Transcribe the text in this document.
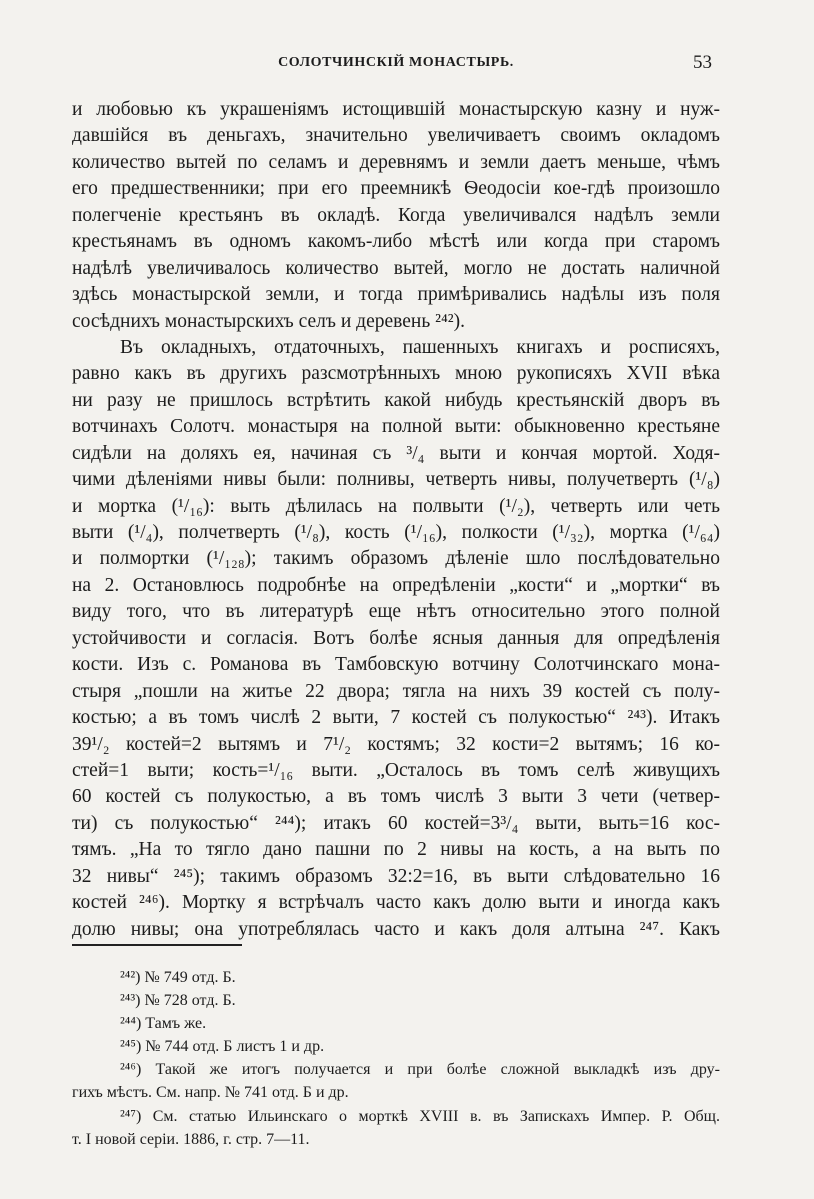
СОЛОТЧИНСКІЙ МОНАСТЫРЬ.	53
и любовью къ украшеніямъ истощившій монастырскую казну и нуж-
давшійся въ деньгахъ, значительно увеличиваетъ своимъ окладомъ
количество вытей по селамъ и деревнямъ и земли даетъ меньше, чѣмъ
его предшественники; при его преемникѣ Ѳеодосіи кое-гдѣ произошло
полегченіе крестьянъ въ окладѣ. Когда увеличивался надѣлъ земли
крестьянамъ въ одномъ какомъ-либо мѣстѣ или когда при старомъ
надѣлѣ увеличивалось количество вытей, могло не достать наличной
здѣсь монастырской земли, и тогда примѣривались надѣлы изъ поля
сосѣднихъ монастырскихъ селъ и деревень ²⁴²).
Въ окладныхъ, отдаточныхъ, пашенныхъ книгахъ и росписяхъ,
равно какъ въ другихъ разсмотрѣнныхъ мною рукописяхъ XVII вѣка
ни разу не пришлось встрѣтить какой нибудь крестьянскій дворъ въ
вотчинахъ Солотч. монастыря на полной выти: обыкновенно крестьяне
сидѣли на доляхъ ея, начиная съ ³/₄ выти и кончая мортой. Ходя-
чими дѣленіями нивы были: полнивы, четверть нивы, получетверть (¹/₈)
и мортка (¹/₁₆): выть дѣлилась на полвыти (¹/₂), четверть или четь
выти (¹/₄), полчетверть (¹/₈), кость (¹/₁₆), полкости (¹/₃₂), мортка (¹/₆₄)
и полмортки (¹/₁₂₈); такимъ образомъ дѣленіе шло послѣдовательно
на 2. Остановлюсь подробнѣе на опредѣленіи „кости“ и „мортки“ въ
виду того, что въ литературѣ еще нѣтъ относительно этого полной
устойчивости и согласія. Вотъ болѣе ясныя данныя для опредѣленія
кости. Изъ с. Романова въ Тамбовскую вотчину Солотчинскаго мона-
стыря „пошли на житье 22 двора; тягла на нихъ 39 костей съ полу-
костью; а въ томъ числѣ 2 выти, 7 костей съ полукостью“ ²⁴³). Итакъ
39¹/₂ костей=2 вытямъ и 7¹/₂ костямъ; 32 кости=2 вытямъ; 16 ко-
стей=1 выти; кость=¹/₁₆ выти. „Осталось въ томъ селѣ живущихъ
60 костей съ полукостью, а въ томъ числѣ 3 выти 3 чети (четвер-
ти) съ полукостью“ ²⁴⁴); итакъ 60 костей=3³/₄ выти, выть=16 кос-
тямъ. „На то тягло дано пашни по 2 нивы на кость, а на выть по
32 нивы“ ²⁴⁵); такимъ образомъ 32:2=16, въ выти слѣдовательно 16
костей ²⁴⁶). Мортку я встрѣчалъ часто какъ долю выти и иногда какъ
долю нивы; она употреблялась часто и какъ доля алтына ²⁴⁷. Какъ
²⁴²) № 749 отд. Б.
²⁴³) № 728 отд. Б.
²⁴⁴) Тамъ же.
²⁴⁵) № 744 отд. Б листъ 1 и др.
²⁴⁶) Такой же итогъ получается и при болѣе сложной выкладкѣ изъ дру-
гихъ мѣстъ. См. напр. № 741 отд. Б и др.
²⁴⁷) См. статью Ильинскаго о морткѣ XVIII в. въ Запискахъ Импер. Р. Общ.
т. I новой серіи. 1886, г. стр. 7—11.
